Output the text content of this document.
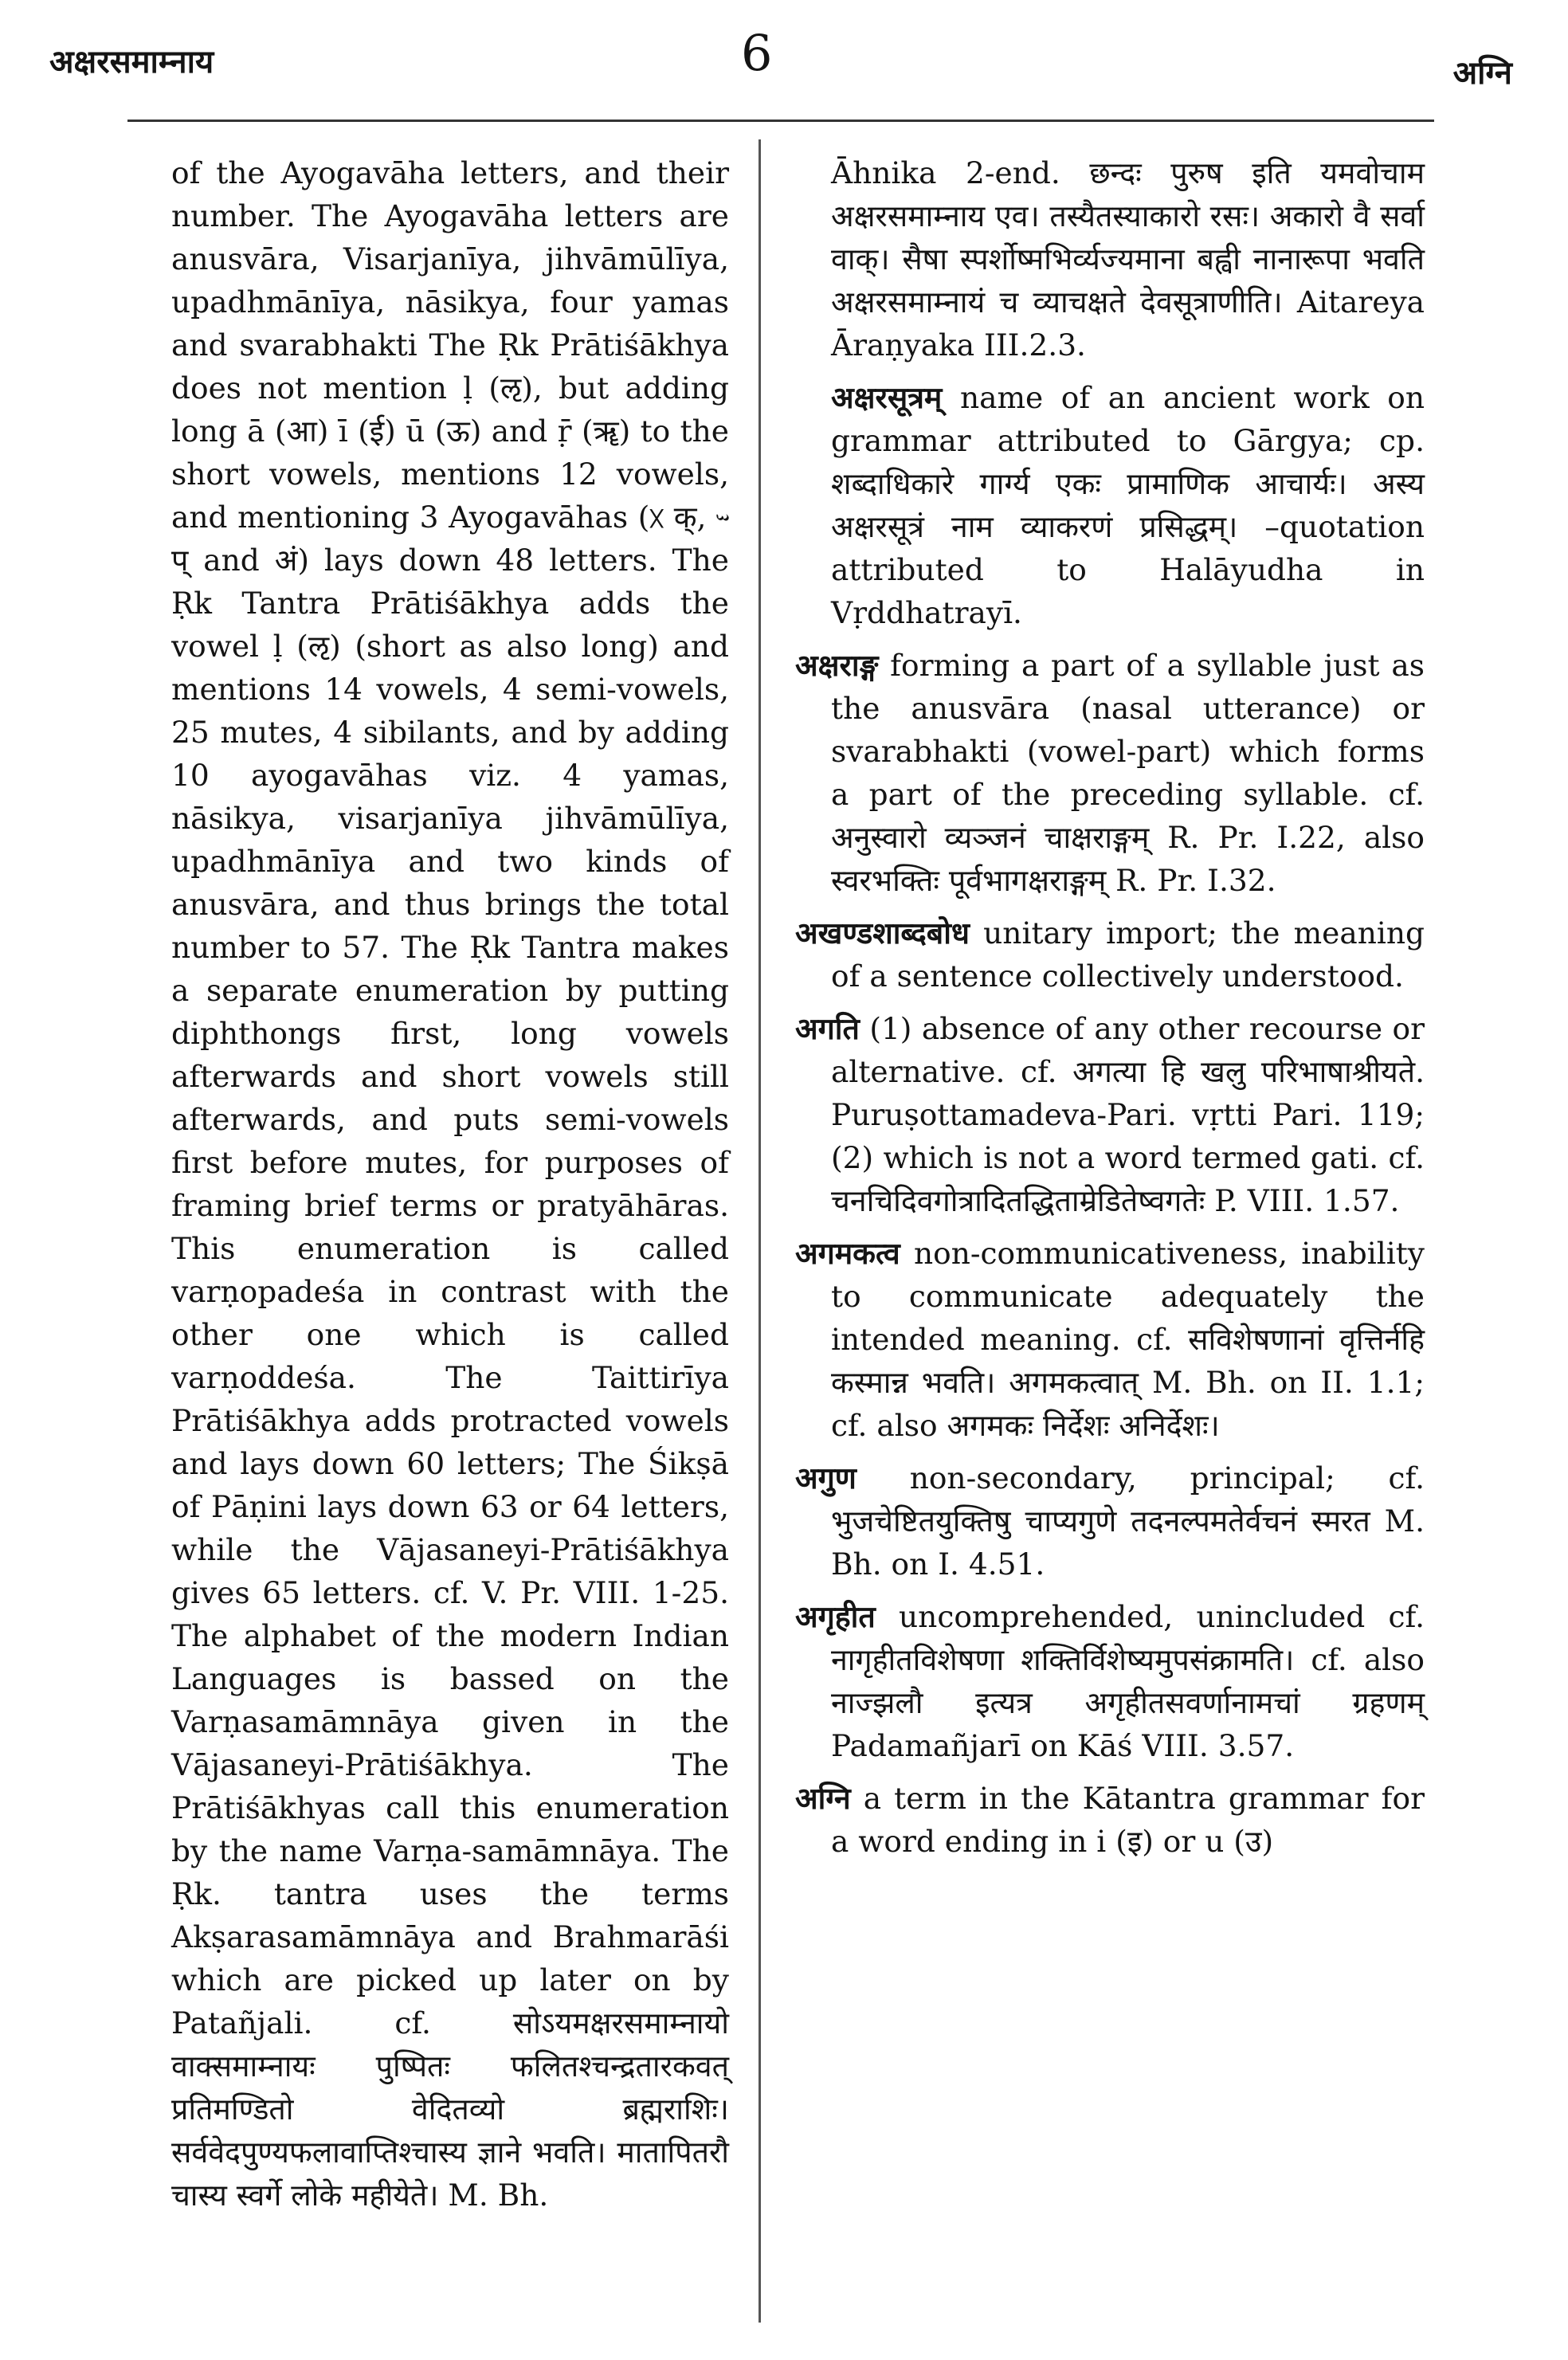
अक्षरसमाम्नाय	6	अग्नि

of the Ayogavāha letters, and their number. The Ayogavāha letters are anusvāra, Visarjanīya, jihvāmūlīya, upadhmānīya, nāsikya, four yamas and svarabhakti The Ṛk Prātiśākhya does not mention ḷ (ऌ), but adding long ā (आ) ī (ई) ū (ऊ) and ṝ (ॠ) to the short vowels, mentions 12 vowels, and mentioning 3 Ayogavāhas (ᳵ क्, ᳶ प् and अं) lays down 48 letters. The Ṛk Tantra Prātiśākhya adds the vowel ḷ (ऌ) (short as also long) and mentions 14 vowels, 4 semi-vowels, 25 mutes, 4 sibilants, and by adding 10 ayogavāhas viz. 4 yamas, nāsikya, visarjanīya jihvāmūlīya, upadhmānīya and two kinds of anusvāra, and thus brings the total number to 57. The Ṛk Tantra makes a separate enumeration by putting diphthongs first, long vowels afterwards and short vowels still afterwards, and puts semi-vowels first before mutes, for purposes of framing brief terms or pratyāhāras. This enumeration is called varṇopadeśa in contrast with the other one which is called varṇoddeśa. The Taittirīya Prātiśākhya adds protracted vowels and lays down 60 letters; The Śikṣā of Pāṇini lays down 63 or 64 letters, while the Vājasaneyi-Prātiśākhya gives 65 letters. cf. V. Pr. VIII. 1-25. The alphabet of the modern Indian Languages is bassed on the Varṇasamāmnāya given in the Vājasaneyi-Prātiśākhya. The Prātiśākhyas call this enumeration by the name Varṇa-samāmnāya. The Ṛk. tantra uses the terms Akṣarasamāmnāya and Brahmarāśi which are picked up later on by Patañjali. cf. सोऽयमक्षरसमाम्नायो वाक्समाम्नायः पुष्पितः फलितश्चन्द्रतारकवत् प्रतिमण्डितो वेदितव्यो ब्रह्मराशिः। सर्ववेदपुण्यफलावाप्तिश्चास्य ज्ञाने भवति। मातापितरौ चास्य स्वर्गे लोके महीयेते। M. Bh.

Āhnika 2-end. छन्दः पुरुष इति यमवोचाम अक्षरसमाम्नाय एव। तस्यैतस्याकारो रसः। अकारो वै सर्वा वाक्। सैषा स्पर्शोष्मभिर्व्यज्यमाना बह्वी नानारूपा भवति अक्षरसमाम्नायं च व्याचक्षते देवसूत्राणीति। Aitareya Āraṇyaka III.2.3.

अक्षरसूत्रम् name of an ancient work on grammar attributed to Gārgya; cp. शब्दाधिकारे गार्ग्य एकः प्रामाणिक आचार्यः। अस्य अक्षरसूत्रं नाम व्याकरणं प्रसिद्धम्। –quotation attributed to Halāyudha in Vṛddhatrayī.

अक्षराङ्ग forming a part of a syllable just as the anusvāra (nasal utterance) or svarabhakti (vowel-part) which forms a part of the preceding syllable. cf. अनुस्वारो व्यञ्जनं चाक्षराङ्गम् R. Pr. I.22, also स्वरभक्तिः पूर्वभागक्षराङ्गम् R. Pr. I.32.

अखण्डशाब्दबोध unitary import; the meaning of a sentence collectively understood.

अगति (1) absence of any other recourse or alternative. cf. अगत्या हि खलु परिभाषाश्रीयते. Puruṣottamadeva-Pari. vṛtti Pari. 119; (2) which is not a word termed gati. cf. चनचिदिवगोत्रादितद्धिताम्रेडितेष्वगतेः P. VIII. 1.57.

अगमकत्व non-communicativeness, inability to communicate adequately the intended meaning. cf. सविशेषणानां वृत्तिर्नहि कस्मान्न भवति। अगमकत्वात् M. Bh. on II. 1.1; cf. also अगमकः निर्देशः अनिर्देशः।

अगुण non-secondary, principal; cf. भुजचेष्टितयुक्तिषु चाप्यगुणे तदनल्पमतेर्वचनं स्मरत M. Bh. on I. 4.51.

अगृहीत uncomprehended, unincluded cf. नागृहीतविशेषणा शक्तिर्विशेष्यमुपसंक्रामति। cf. also नाज्झलौ इत्यत्र अगृहीतसवर्णानामचां ग्रहणम् Padamañjarī on Kāś VIII. 3.57.

अग्नि a term in the Kātantra grammar for a word ending in i (इ) or u (उ)
